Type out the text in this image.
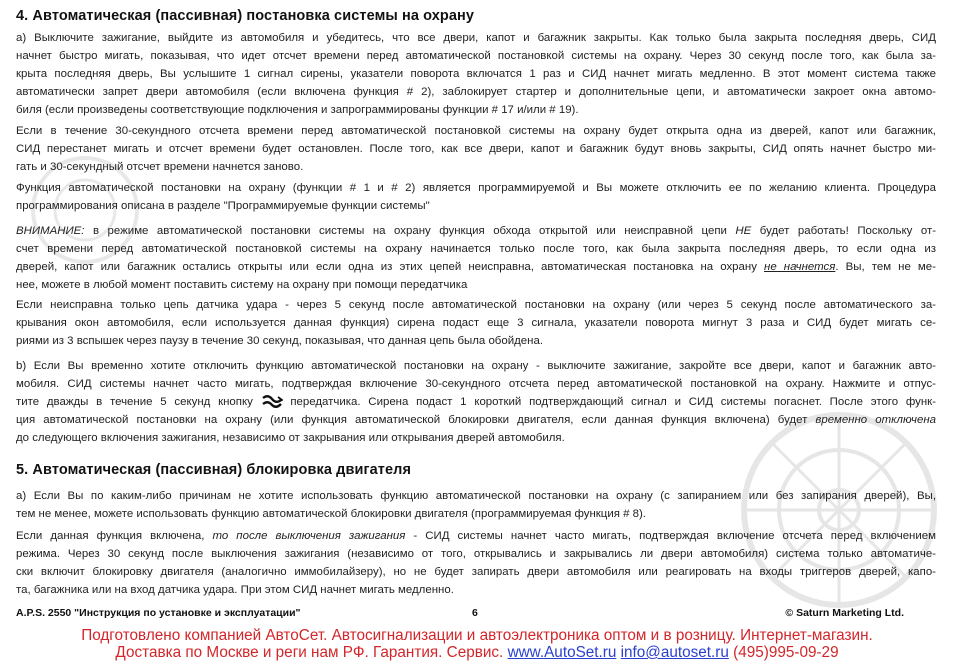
4. Автоматическая (пассивная) постановка системы на охрану
а) Выключите зажигание, выйдите из автомобиля и убедитесь, что все двери, капот и багажник закрыты. Как только была закрыта последняя дверь, СИД
начнет быстро мигать, показывая, что идет отсчет времени перед автоматической постановкой системы на охрану. Через 30 секунд после того, как была за-
крыта последняя дверь, Вы услышите 1 сигнал сирены, указатели поворота включатся 1 раз и СИД начнет мигать медленно. В этот момент система также
автоматически запрет двери автомобиля (если включена функция # 2), заблокирует стартер и дополнительные цепи, и автоматически закроет окна автомо-
биля (если произведены соответствующие подключения и запрограммированы функции # 17 и/или # 19).
Если в течение 30-секундного отсчета времени перед автоматической постановкой системы на охрану будет открыта одна из дверей, капот или багажник,
СИД перестанет мигать и отсчет времени будет остановлен. После того, как все двери, капот и багажник будут вновь закрыты, СИД опять начнет быстро ми-
гать и 30-секундный отсчет времени начнется заново.
Функция автоматической постановки на охрану (функции # 1 и # 2) является программируемой и Вы можете отключить ее по желанию клиента. Процедура
программирования описана в разделе "Программируемые функции системы"
ВНИМАНИЕ: в режиме автоматической постановки системы на охрану функция обхода открытой или неисправной цепи НЕ будет работать! Поскольку от-
счет времени перед автоматической постановкой системы на охрану начинается только после того, как была закрыта последняя дверь, то если одна из
дверей, капот или багажник остались открыты или если одна из этих цепей неисправна, автоматическая постановка на охрану не начнется. Вы, тем не ме-
нее, можете в любой момент поставить систему на охрану при помощи передатчика
Если неисправна только цепь датчика удара - через 5 секунд после автоматической постановки на охрану (или через 5 секунд после автоматического за-
крывания окон автомобиля, если используется данная функция) сирена подаст еще 3 сигнала, указатели поворота мигнут 3 раза и СИД будет мигать се-
риями из 3 вспышек через паузу в течение 30 секунд, показывая, что данная цепь была обойдена.
b) Если Вы временно хотите отключить функцию автоматической постановки на охрану - выключите зажигание, закройте все двери, капот и багажник авто-
мобиля. СИД системы начнет часто мигать, подтверждая включение 30-секундного отсчета перед автоматической постановкой на охрану. Нажмите и отпус-
тите дважды в течение 5 секунд кнопку  передатчика. Сирена подаст 1 короткий подтверждающий сигнал и СИД системы погаснет. После этого функ-
ция автоматической постановки на охрану (или функция автоматической блокировки двигателя, если данная функция включена) будет временно отключена
до следующего включения зажигания, независимо от закрывания или открывания дверей автомобиля.
5. Автоматическая (пассивная) блокировка двигателя
а) Если Вы по каким-либо причинам не хотите использовать функцию автоматической постановки на охрану (с запиранием или без запирания дверей), Вы,
тем не менее, можете использовать функцию автоматической блокировки двигателя (программируемая функция # 8).
Если данная функция включена, то после выключения зажигания - СИД системы начнет часто мигать, подтверждая включение отсчета перед включением
режима. Через 30 секунд после выключения зажигания (независимо от того, открывались и закрывались ли двери автомобиля) система только автоматиче-
ски включит блокировку двигателя (аналогично иммобилайзеру), но не будет запирать двери автомобиля или реагировать на входы триггеров дверей, капо-
та, багажника или на вход датчика удара. При этом СИД начнет мигать медленно.
A.P.S. 2550 "Инструкция по установке и эксплуатации"	6	© Saturn Marketing Ltd.
Подготовлено компанией АвтоСет. Автосигнализации и автоэлектроника оптом и в розницу. Интернет-магазин.
Доставка по Москве и реги нам РФ. Гарантия. Сервис. www.AutoSet.ru info@autoset.ru (495)995-09-29
